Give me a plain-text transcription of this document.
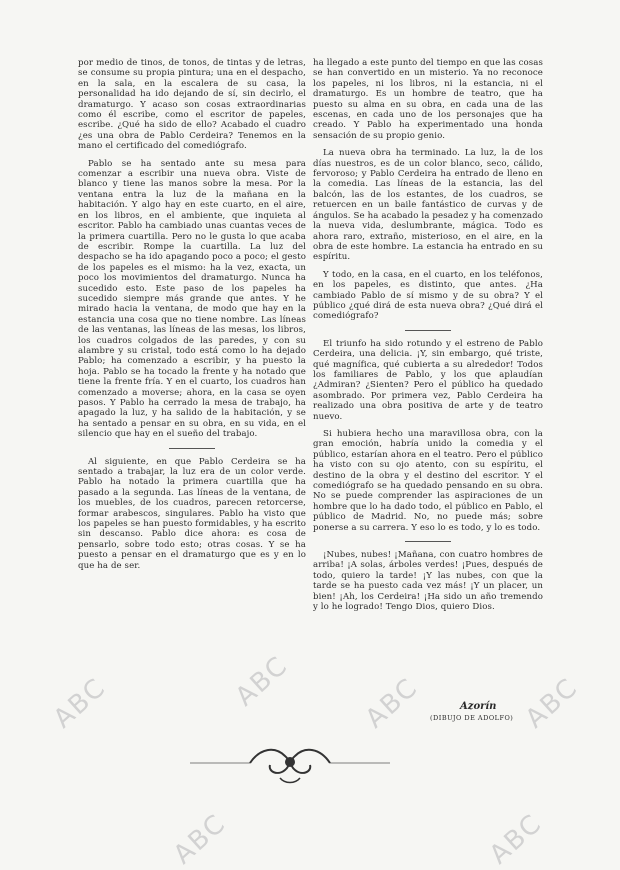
por medio de tinos, de tonos, de tintas y de letras, se consume su propia pintura; una en el despacho, en la sala, en la escalera de su casa, la personalidad ha ido dejando de sí, sin decirlo, el dramaturgo. Y acaso son cosas extraordinarias como él escribe, como el escritor de papeles, escribe. ¿Qué ha sido de ello? Acabado el cuadro ¿es una obra de Pablo Cerdeira? Tenemos en la mano el certificado del comediógrafo.

Pablo se ha sentado ante su mesa para comenzar a escribir una nueva obra. Viste de blanco y tiene las manos sobre la mesa. Por la ventana entra la luz de la mañana en la habitación. Y algo hay en este cuarto, en el aire, en los libros, en el ambiente, que inquieta al escritor. Pablo ha cambiado unas cuantas veces de la primera cuartilla. Pero no le gusta lo que acaba de escribir. Rompe la cuartilla. La luz del despacho se ha ido apagando poco a poco; el gesto de los papeles es el mismo: ha la vez, exacta, un poco los movimientos del dramaturgo. Nunca ha sucedido esto. Este paso de los papeles ha sucedido siempre más grande que antes. Y he mirado hacia la ventana, de modo que hay en la estancia una cosa que no tiene nombre. Las líneas de las ventanas, las líneas de las mesas, los libros, los cuadros colgados de las paredes, y con su alambre y su cristal, todo está como lo ha dejado Pablo; ha comenzado a escribir, y ha puesto la hoja. Pablo se ha tocado la frente y ha notado que tiene la frente fría. Y en el cuarto, los cuadros han comenzado a moverse; ahora, en la casa se oyen pasos. Y Pablo ha cerrado la mesa de trabajo, ha apagado la luz, y ha salido de la habitación, y se ha sentado a pensar en su obra, en su vida, en el silencio que hay en el sueño del trabajo.

Al siguiente, en que Pablo Cerdeira se ha sentado a trabajar, la luz era de un color verde. Pablo ha notado la primera cuartilla que ha pasado a la segunda. Las líneas de la ventana, de los muebles, de los cuadros, parecen retorcerse, formar arabescos, singulares. Pablo ha visto que los papeles se han puesto formidables, y ha escrito sin descanso. Pablo dice ahora: es cosa de pensarlo, sobre todo esto; otras cosas. Y se ha puesto a pensar en el dramaturgo que es y en lo que ha de ser.

ha llegado a este punto del tiempo en que las cosas se han convertido en un misterio. Ya no reconoce los papeles, ni los libros, ni la estancia, ni el dramaturgo. Es un hombre de teatro, que ha puesto su alma en su obra, en cada una de las escenas, en cada uno de los personajes que ha creado. Y Pablo ha experimentado una honda sensación de su propio genio.

La nueva obra ha terminado. La luz, la de los días nuestros, es de un color blanco, seco, cálido, fervoroso; y Pablo Cerdeira ha entrado de lleno en la comedia. Las líneas de la estancia, las del balcón, las de los estantes, de los cuadros, se retuercen en un baile fantástico de curvas y de ángulos. Se ha acabado la pesadez y ha comenzado la nueva vida, deslumbrante, mágica. Todo es ahora raro, extraño, misterioso, en el aire, en la obra de este hombre. La estancia ha entrado en su espíritu.

Y todo, en la casa, en el cuarto, en los teléfonos, en los papeles, es distinto, que antes. ¿Ha cambiado Pablo de sí mismo y de su obra? Y el público ¿qué dirá de esta nueva obra? ¿Qué dirá el comediógrafo?

El triunfo ha sido rotundo y el estreno de Pablo Cerdeira, una delicia. ¡Y, sin embargo, qué triste, qué magnífica, qué cubierta a su alrededor! Todos los familiares de Pablo, y los que aplaudían ¿Admiran? ¿Sienten? Pero el público ha quedado asombrado. Por primera vez, Pablo Cerdeira ha realizado una obra positiva de arte y de teatro nuevo.

Si hubiera hecho una maravillosa obra, con la gran emoción, habría unido la comedia y el público, estarían ahora en el teatro. Pero el público ha visto con su ojo atento, con su espíritu, el destino de la obra y el destino del escritor. Y el comediógrafo se ha quedado pensando en su obra. No se puede comprender las aspiraciones de un hombre que lo ha dado todo, el público en Pablo, el público de Madrid. No, no puede más; sobre ponerse a su carrera. Y eso lo es todo, y lo es todo.

¡Nubes, nubes! ¡Mañana, con cuatro hombres de arriba! ¡A solas, árboles verdes! ¡Pues, después de todo, quiero la tarde! ¡Y las nubes, con que la tarde se ha puesto cada vez más! ¡Y un placer, un bien! ¡Ah, los Cerdeira! ¡Ha sido un año tremendo y lo he logrado! Tengo Dios, quiero Dios.

Azorín
(DIBUJO DE ADOLFO)
ABC	ABC	ABC	ABC
ABC	ABC
